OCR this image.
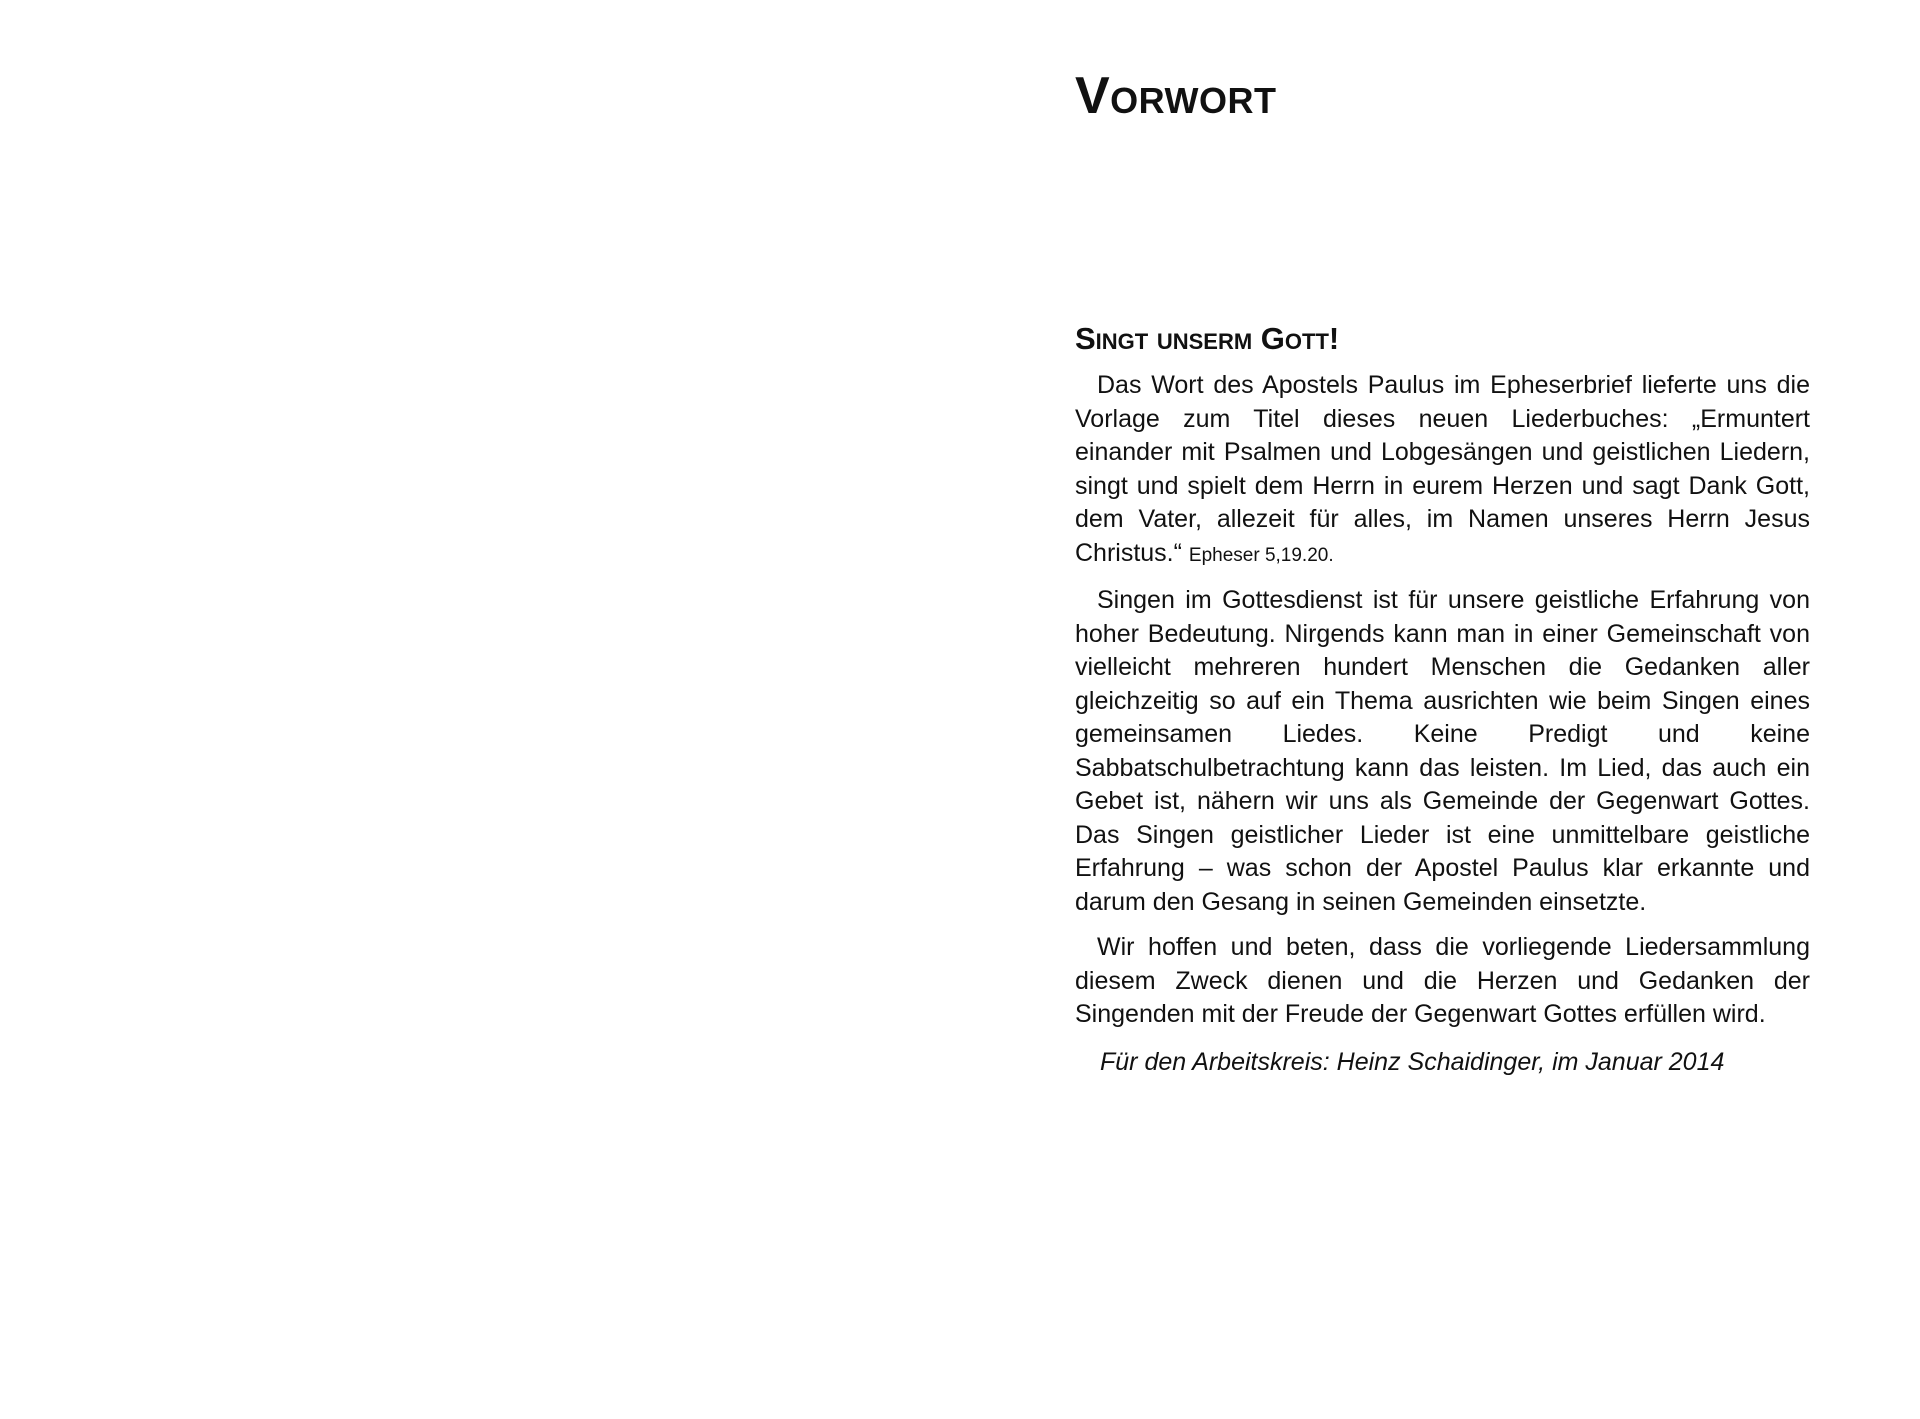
Vorwort
Singt unserm Gott!

Das Wort des Apostels Paulus im Epheserbrief lieferte uns die Vorlage zum Titel dieses neuen Liederbuches: „Ermuntert einander mit Psalmen und Lobgesängen und geistlichen Liedern, singt und spielt dem Herrn in eurem Herzen und sagt Dank Gott, dem Vater, allezeit für alles, im Namen unseres Herrn Jesus Christus.“ Epheser 5,19.20.

Singen im Gottesdienst ist für unsere geistliche Erfahrung von hoher Bedeutung. Nirgends kann man in einer Gemeinschaft von vielleicht mehreren hundert Menschen die Gedanken aller gleichzeitig so auf ein Thema ausrichten wie beim Singen eines gemeinsamen Liedes. Keine Predigt und keine Sabbatschulbetrachtung kann das leisten. Im Lied, das auch ein Gebet ist, nähern wir uns als Gemeinde der Gegenwart Gottes. Das Singen geistlicher Lieder ist eine unmittelbare geistliche Erfahrung – was schon der Apostel Paulus klar erkannte und darum den Gesang in seinen Gemeinden einsetzte.

Wir hoffen und beten, dass die vorliegende Liedersammlung diesem Zweck dienen und die Herzen und Gedanken der Singenden mit der Freude der Gegenwart Gottes erfüllen wird.

Für den Arbeitskreis: Heinz Schaidinger, im Januar 2014
